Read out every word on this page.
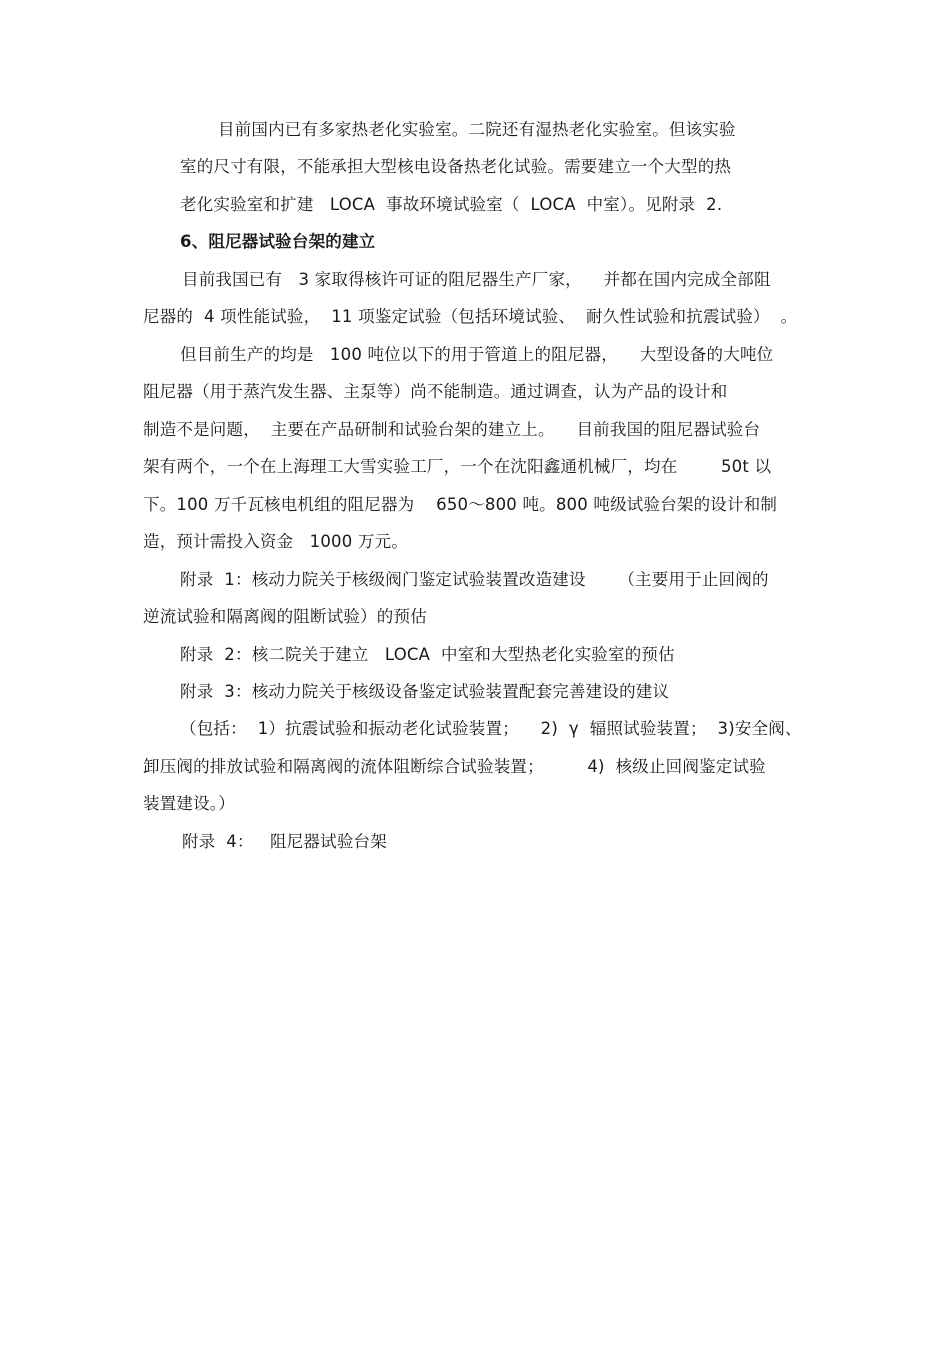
目前国内已有多家热老化实验室。二院还有湿热老化实验室。但该实验
室的尺寸有限，不能承担大型核电设备热老化试验。需要建立一个大型的热
老化实验室和扩建   LOCA  事故环境试验室（  LOCA  中室）。见附录  2.
6、阻尼器试验台架的建立
目前我国已有   3 家取得核许可证的阻尼器生产厂家，    并都在国内完成全部阻
尼器的  4 项性能试验，  11 项鉴定试验（包括环境试验、  耐久性试验和抗震试验）  。
但目前生产的均是   100 吨位以下的用于管道上的阻尼器，    大型设备的大吨位
阻尼器（用于蒸汽发生器、主泵等）尚不能制造。通过调查，认为产品的设计和
制造不是问题，  主要在产品研制和试验台架的建立上。    目前我国的阻尼器试验台
架有两个，一个在上海理工大雪实验工厂，一个在沈阳鑫通机械厂，均在        50t 以
下。100 万千瓦核电机组的阻尼器为    650～800 吨。800 吨级试验台架的设计和制
造，预计需投入资金   1000 万元。
附录  1：核动力院关于核级阀门鉴定试验装置改造建设      （主要用于止回阀的
逆流试验和隔离阀的阻断试验）的预估
附录  2：核二院关于建立   LOCA  中室和大型热老化实验室的预估
附录  3：核动力院关于核级设备鉴定试验装置配套完善建设的建议
（包括：  1）抗震试验和振动老化试验装置；    2)  γ  辐照试验装置；  3)安全阀、
卸压阀的排放试验和隔离阀的流体阻断综合试验装置；        4)  核级止回阀鉴定试验
装置建设。）
附录  4：   阻尼器试验台架
